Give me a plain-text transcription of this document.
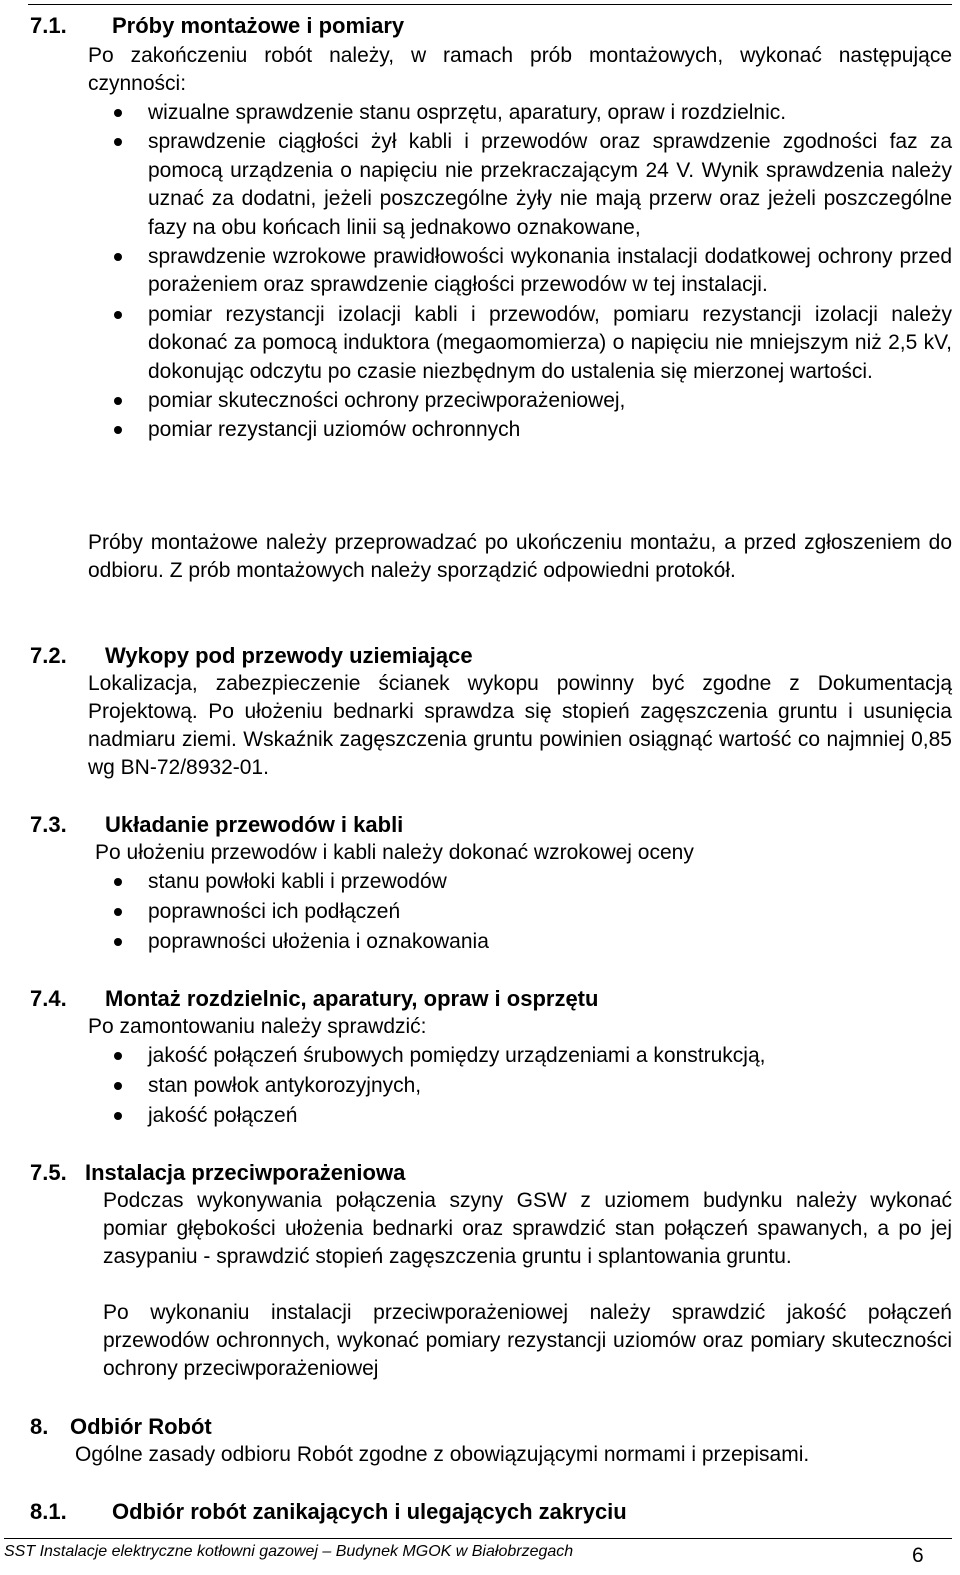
7.1. Próby montażowe i pomiary
Po zakończeniu robót należy, w ramach prób montażowych, wykonać następujące czynności:
wizualne sprawdzenie stanu osprzętu, aparatury, opraw i rozdzielnic.
sprawdzenie ciągłości żył kabli i przewodów oraz sprawdzenie zgodności faz za pomocą urządzenia o napięciu nie przekraczającym 24 V. Wynik sprawdzenia należy uznać za dodatni, jeżeli poszczególne żyły nie mają przerw oraz jeżeli poszczególne fazy na obu końcach linii są jednakowo oznakowane,
sprawdzenie wzrokowe prawidłowości wykonania instalacji dodatkowej ochrony przed porażeniem oraz sprawdzenie ciągłości przewodów w tej instalacji.
pomiar rezystancji izolacji kabli i przewodów, pomiaru rezystancji izolacji należy dokonać za pomocą induktora (megaomomierza) o napięciu nie mniejszym niż 2,5 kV, dokonując odczytu po czasie niezbędnym do ustalenia się mierzonej wartości.
pomiar skuteczności ochrony przeciwporażeniowej,
pomiar rezystancji uziomów ochronnych
Próby montażowe należy przeprowadzać po ukończeniu montażu, a przed zgłoszeniem do odbioru. Z prób montażowych należy sporządzić odpowiedni protokół.
7.2. Wykopy pod przewody uziemiające
Lokalizacja, zabezpieczenie ścianek wykopu powinny być zgodne z Dokumentacją Projektową. Po ułożeniu bednarki sprawdza się stopień zagęszczenia gruntu i usunięcia nadmiaru ziemi. Wskaźnik zagęszczenia gruntu powinien osiągnąć wartość co najmniej 0,85 wg BN-72/8932-01.
7.3. Układanie przewodów i kabli
Po ułożeniu przewodów i kabli należy dokonać wzrokowej oceny
stanu powłoki kabli i przewodów
poprawności ich podłączeń
poprawności ułożenia i oznakowania
7.4. Montaż rozdzielnic, aparatury, opraw i osprzętu
Po zamontowaniu należy sprawdzić:
jakość połączeń śrubowych pomiędzy urządzeniami a konstrukcją,
stan powłok antykorozyjnych,
jakość połączeń
7.5. Instalacja przeciwporażeniowa
Podczas wykonywania połączenia szyny GSW z uziomem budynku należy wykonać pomiar głębokości ułożenia bednarki oraz sprawdzić stan połączeń spawanych, a po jej zasypaniu - sprawdzić stopień zagęszczenia gruntu i splantowania gruntu.
Po wykonaniu instalacji przeciwporażeniowej należy sprawdzić jakość połączeń przewodów ochronnych, wykonać pomiary rezystancji uziomów oraz pomiary skuteczności ochrony przeciwporażeniowej
8. Odbiór Robót
Ogólne zasady odbioru Robót zgodne z obowiązującymi normami i przepisami.
8.1. Odbiór robót zanikających i ulegających zakryciu
SST Instalacje elektryczne kotłowni gazowej – Budynek MGOK w Białobrzegach	6
